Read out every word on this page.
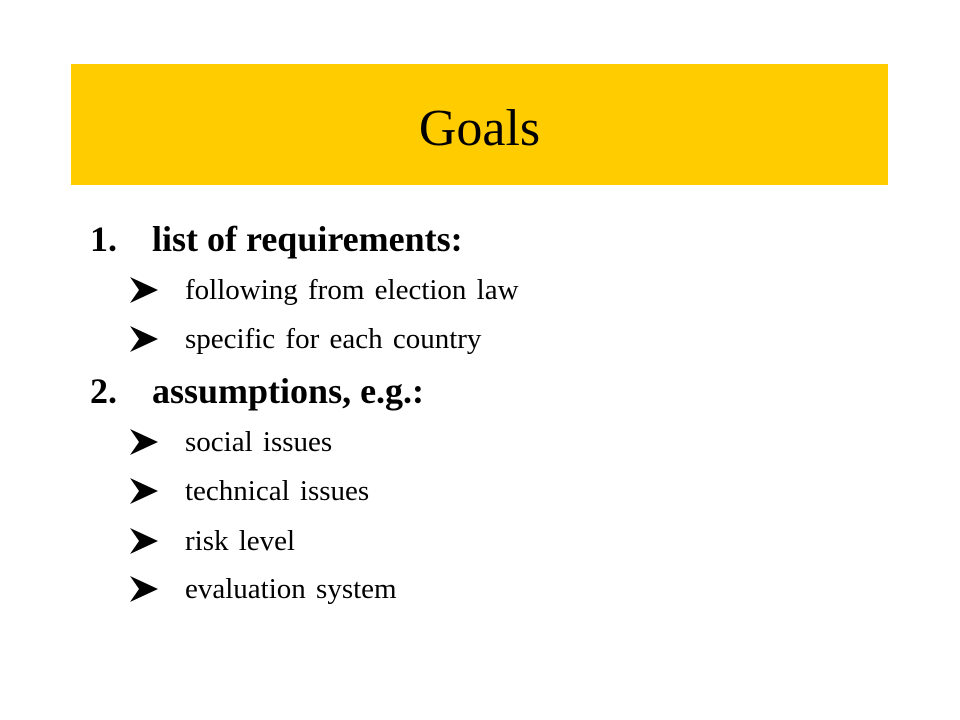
Goals
1. list of requirements:
following from election law
specific for each country
2. assumptions, e.g.:
social issues
technical issues
risk level
evaluation system
